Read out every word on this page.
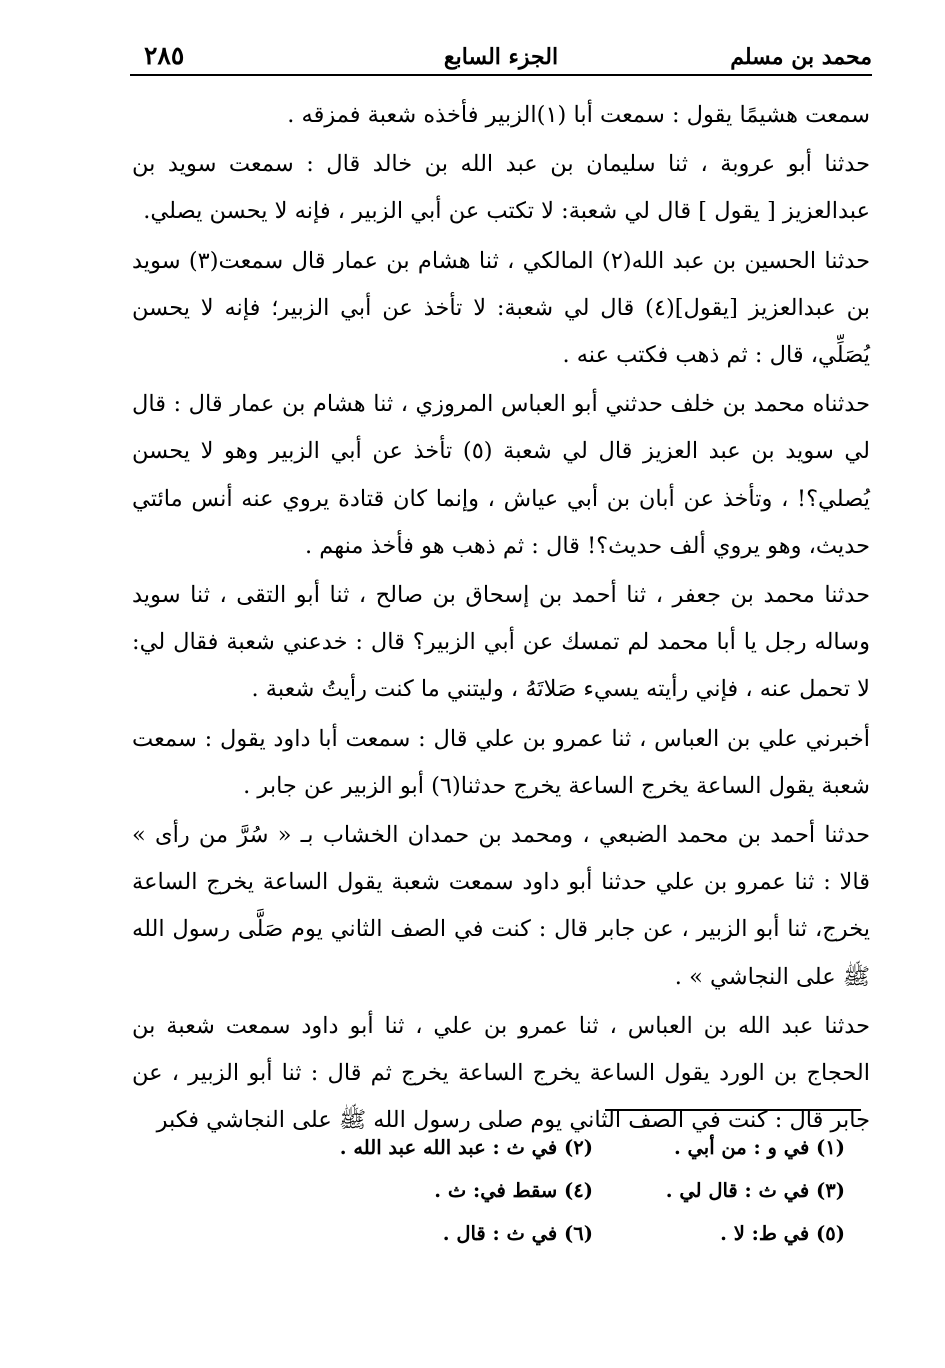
محمد بن مسلم
الجزء السابع
٢٨٥

سمعت هشيمًا يقول : سمعت أبا (١)الزبير فأخذه شعبة فمزقه .

حدثنا أبو عروبة ، ثنا سليمان بن عبد الله بن خالد قال : سمعت سويد بن عبدالعزيز [ يقول ] قال لي شعبة: لا تكتب عن أبي الزبير ، فإنه لا يحسن يصلي.

حدثنا الحسين بن عبد الله(٢) المالكي ، ثنا هشام بن عمار قال سمعت(٣) سويد بن عبدالعزيز [يقول](٤) قال لي شعبة: لا تأخذ عن أبي الزبير؛ فإنه لا يحسن يُصَلِّي، قال : ثم ذهب فكتب عنه .

حدثناه محمد بن خلف حدثني أبو العباس المروزي ، ثنا هشام بن عمار قال : قال لي سويد بن عبد العزيز قال لي شعبة (٥) تأخذ عن أبي الزبير وهو لا يحسن يُصلي؟! ، وتأخذ عن أبان بن أبي عياش ، وإنما كان قتادة يروي عنه أنس مائتي حديث، وهو يروي ألف حديث؟! قال : ثم ذهب هو فأخذ منهم .

حدثنا محمد بن جعفر ، ثنا أحمد بن إسحاق بن صالح ، ثنا أبو التقى ، ثنا سويد وساله رجل يا أبا محمد لم تمسك عن أبي الزبير؟ قال : خدعني شعبة فقال لي: لا تحمل عنه ، فإني رأيته يسيء صَلاتَهُ ، وليتني ما كنت رأيتُ شعبة .

أخبرني علي بن العباس ، ثنا عمرو بن علي قال : سمعت أبا داود يقول : سمعت شعبة يقول الساعة يخرج الساعة يخرج حدثنا(٦) أبو الزبير عن جابر .

حدثنا أحمد بن محمد الضبعي ، ومحمد بن حمدان الخشاب بـ « سُرَّ من رأى » قالا : ثنا عمرو بن علي حدثنا أبو داود سمعت شعبة يقول الساعة يخرج الساعة يخرج، ثنا أبو الزبير ، عن جابر قال : كنت في الصف الثاني يوم صَلَّى رسول الله ﷺ على النجاشي » .

حدثنا عبد الله بن العباس ، ثنا عمرو بن علي ، ثنا أبو داود سمعت شعبة بن الحجاج بن الورد يقول الساعة يخرج الساعة يخرج ثم قال : ثنا أبو الزبير ، عن جابر قال : كنت في الصف الثاني يوم صلى رسول الله ﷺ على النجاشي فكبر

(١) في و : من أبي .
(٢) في ث : عبد الله عبد الله .
(٣) في ث : قال لي .
(٤) سقط في: ث .
(٥) في ط: لا .
(٦) في ث : قال .
